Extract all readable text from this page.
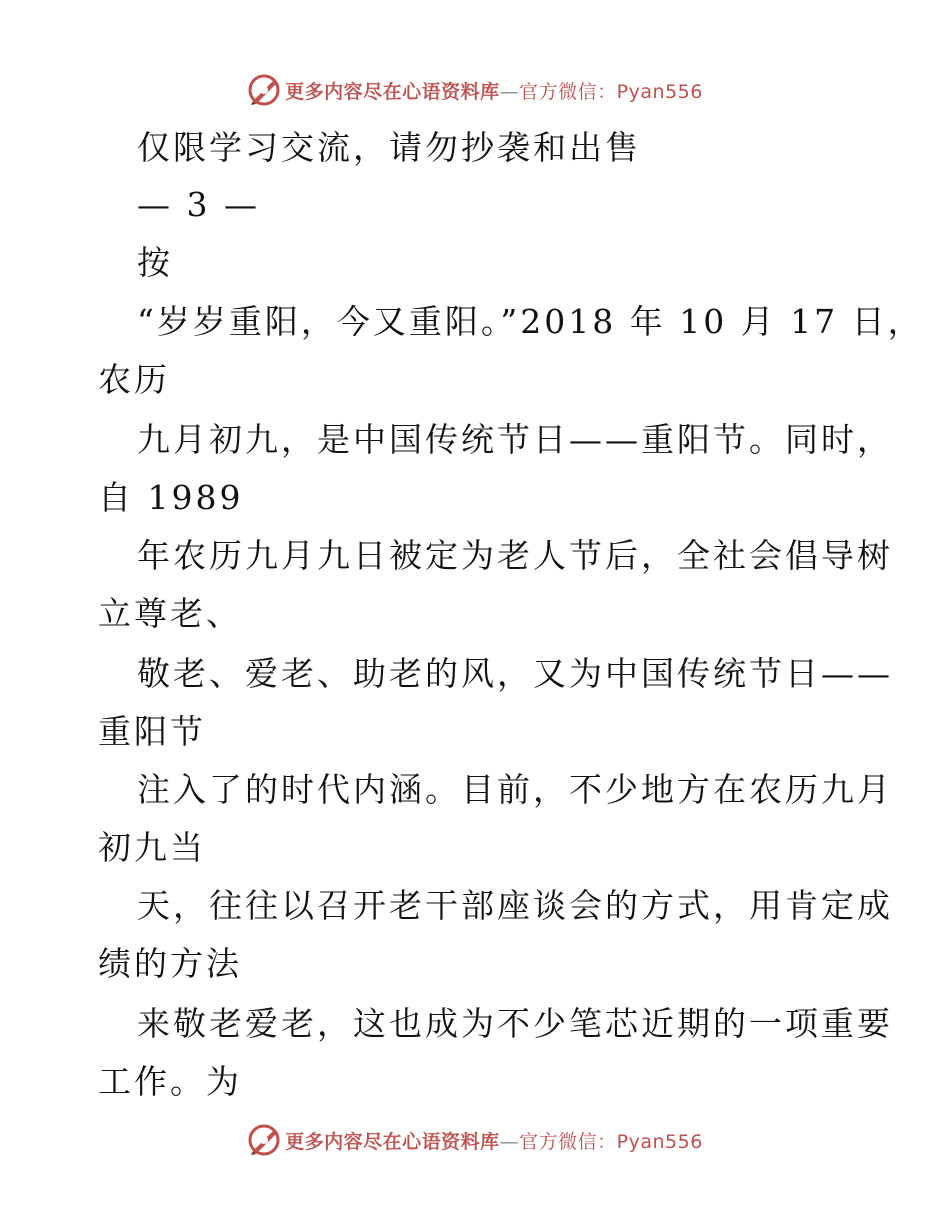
更多内容尽在心语资料库—官方微信：Pyan556
仅限学习交流，请勿抄袭和出售
— 3 —
按
“岁岁重阳，今又重阳。”2018 年 10 月 17 日，
农历
九月初九，是中国传统节日——重阳节。同时，
自 1989
年农历九月九日被定为老人节后，全社会倡导树
立尊老、
敬老、爱老、助老的风，又为中国传统节日——
重阳节
注入了的时代内涵。目前，不少地方在农历九月
初九当
天，往往以召开老干部座谈会的方式，用肯定成
绩的方法
来敬老爱老，这也成为不少笔芯近期的一项重要
工作。为
更多内容尽在心语资料库—官方微信：Pyan556
